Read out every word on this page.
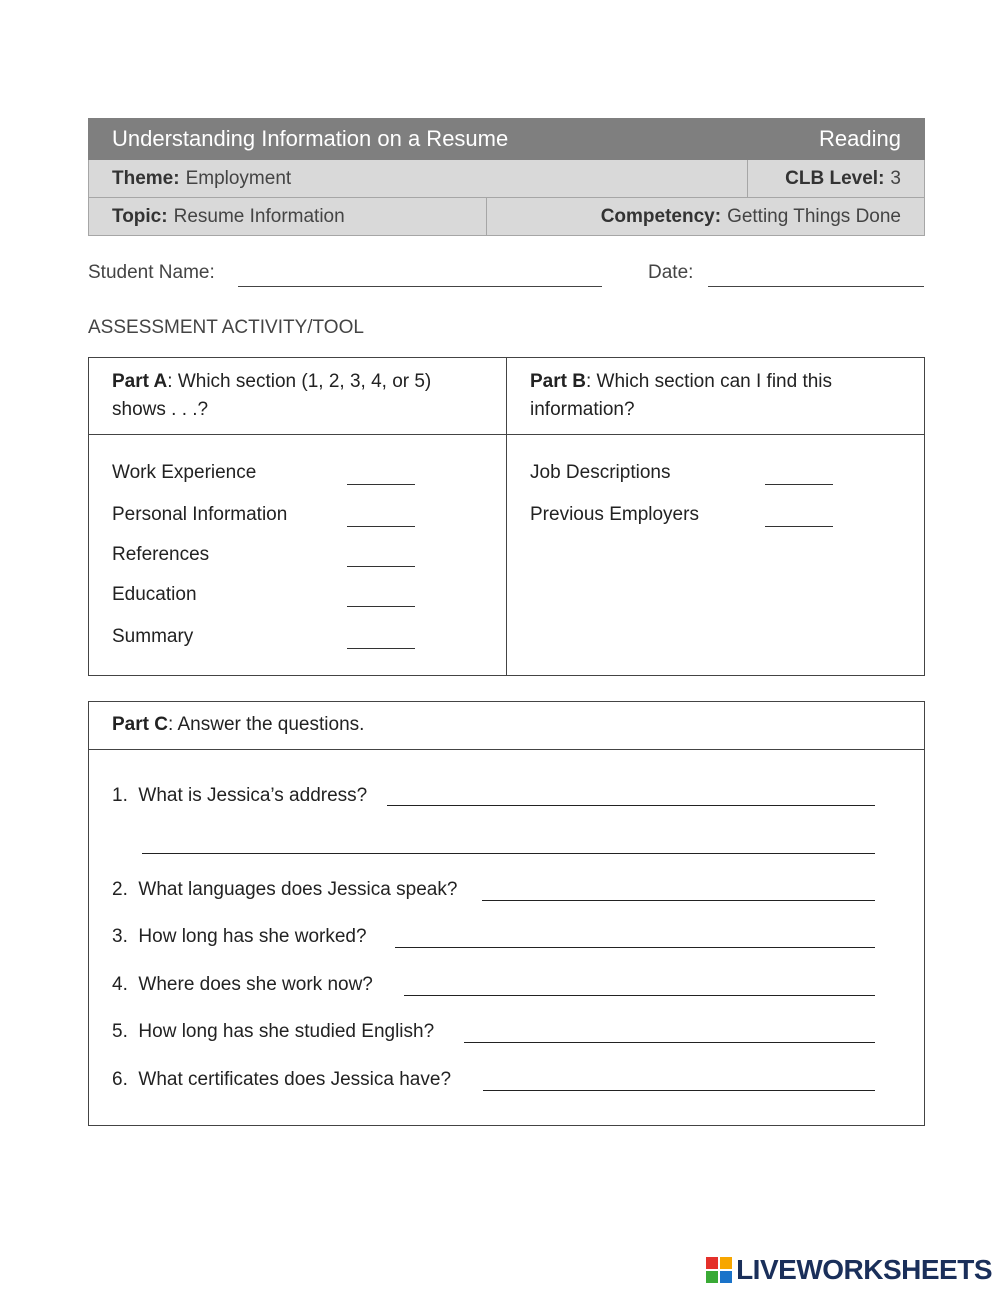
Understanding Information on a Resume	Reading
Theme: Employment	CLB Level: 3
Topic: Resume Information	Competency: Getting Things Done
Student Name:	Date:
ASSESSMENT ACTIVITY/TOOL
Part A: Which section (1, 2, 3, 4, or 5) shows . . .?
Part B: Which section can I find this information?
Work Experience
Personal Information
References
Education
Summary
Job Descriptions
Previous Employers
Part C: Answer the questions.
1. What is Jessica’s address?
2. What languages does Jessica speak?
3. How long has she worked?
4. Where does she work now?
5. How long has she studied English?
6. What certificates does Jessica have?
LIVEWORKSHEETS
